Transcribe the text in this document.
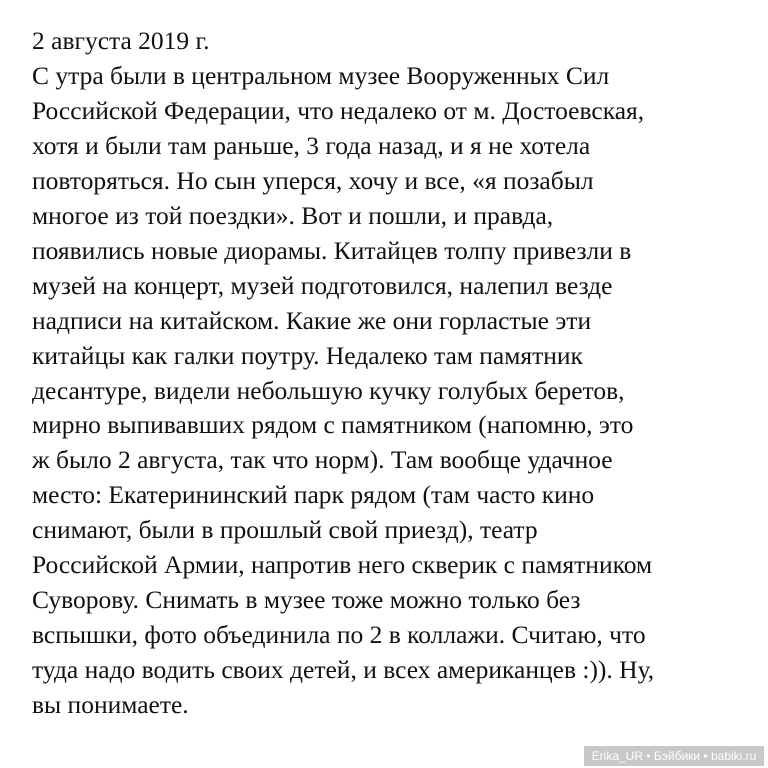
2 августа 2019 г.
С утра были в центральном музее Вооруженных Сил
Российской Федерации, что недалеко от м. Достоевская,
хотя и были там раньше, 3 года назад, и я не хотела
повторяться. Но сын уперся, хочу и все, «я позабыл
многое из той поездки». Вот и пошли, и правда,
появились новые диорамы. Китайцев толпу привезли в
музей на концерт, музей подготовился, налепил везде
надписи на китайском. Какие же они горластые эти
китайцы как галки поутру. Недалеко там памятник
десантуре, видели небольшую кучку голубых беретов,
мирно выпивавших рядом с памятником (напомню, это
ж было 2 августа, так что норм). Там вообще удачное
место: Екатерининский парк рядом (там часто кино
снимают, были в прошлый свой приезд), театр
Российской Армии, напротив него скверик с памятником
Суворову. Снимать в музее тоже можно только без
вспышки, фото объединила по 2 в коллажи. Считаю, что
туда надо водить своих детей, и всех американцев :)). Ну,
вы понимаете.
Erika_UR • Бэйбики • babiki.ru
